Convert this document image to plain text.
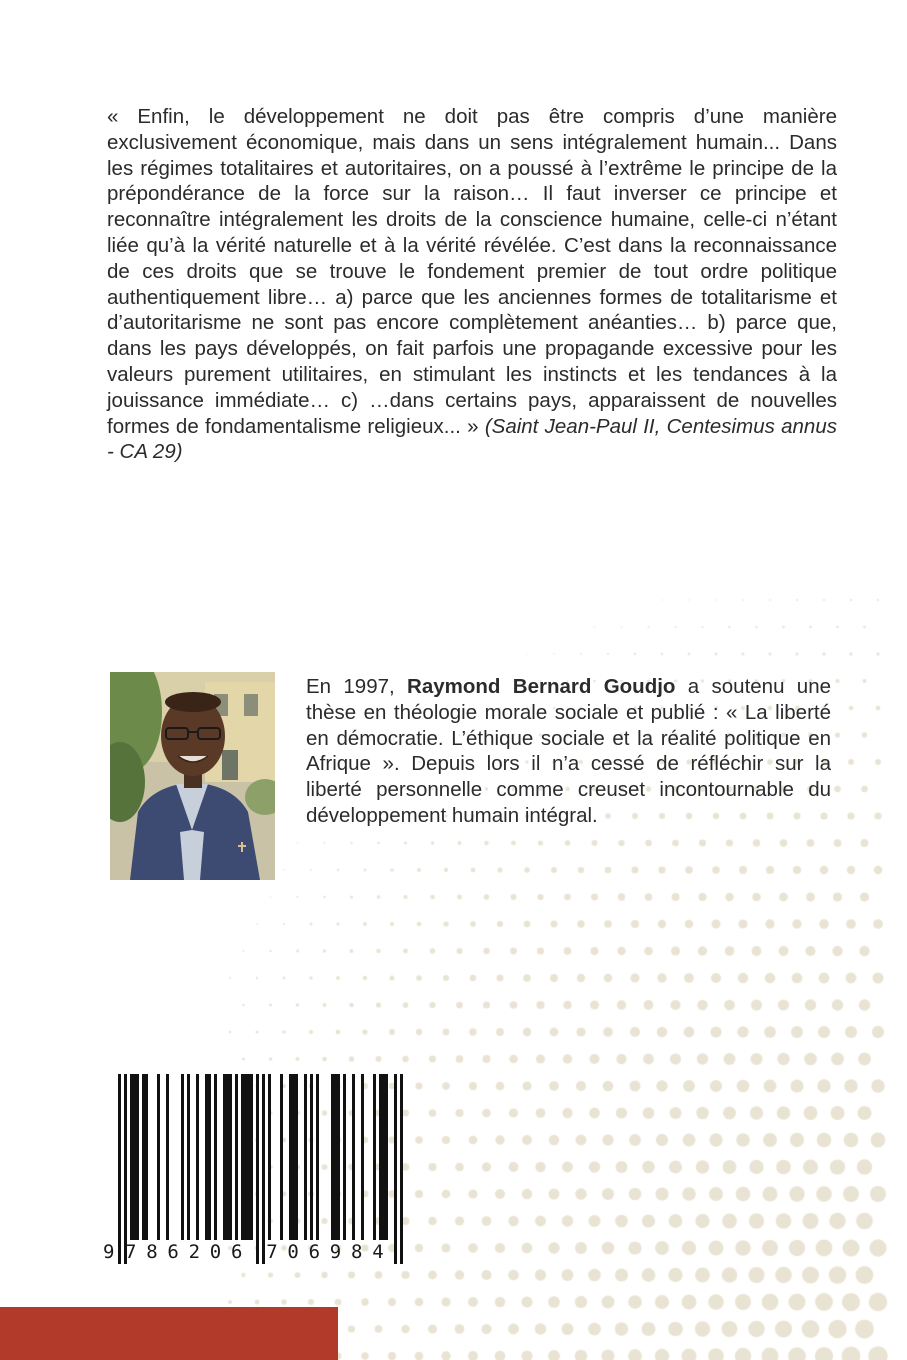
« Enfin, le développement ne doit pas être compris d’une manière exclusivement économique, mais dans un sens intégralement humain... Dans les régimes totalitaires et autoritaires, on a poussé à l’extrême le principe de la prépondérance de la force sur la raison… Il faut inverser ce principe et reconnaître intégralement les droits de la conscience humaine, celle-ci n’étant liée qu’à la vérité naturelle et à la vérité révélée. C’est dans la reconnaissance de ces droits que se trouve le fondement premier de tout ordre politique authentiquement libre… a) parce que les anciennes formes de totalitarisme et d’autoritarisme ne sont pas encore complètement anéanties… b) parce que, dans les pays développés, on fait parfois une propagande excessive pour les valeurs purement utilitaires, en stimulant les instincts et les tendances à la jouissance immédiate… c) …dans certains pays, apparaissent de nouvelles formes de fondamentalisme religieux... » (Saint Jean-Paul II, Centesimus annus - CA 29)

En 1997, Raymond Bernard Goudjo a soutenu une thèse en théologie morale sociale et publié : « La liberté en démocratie. L’éthique sociale et la réalité politique en Afrique ». Depuis lors il n’a cessé de réfléchir sur la liberté personnelle comme creuset incontournable du développement humain intégral.

9 7 8 6 2 0 6 7 0 6 9 8 4
